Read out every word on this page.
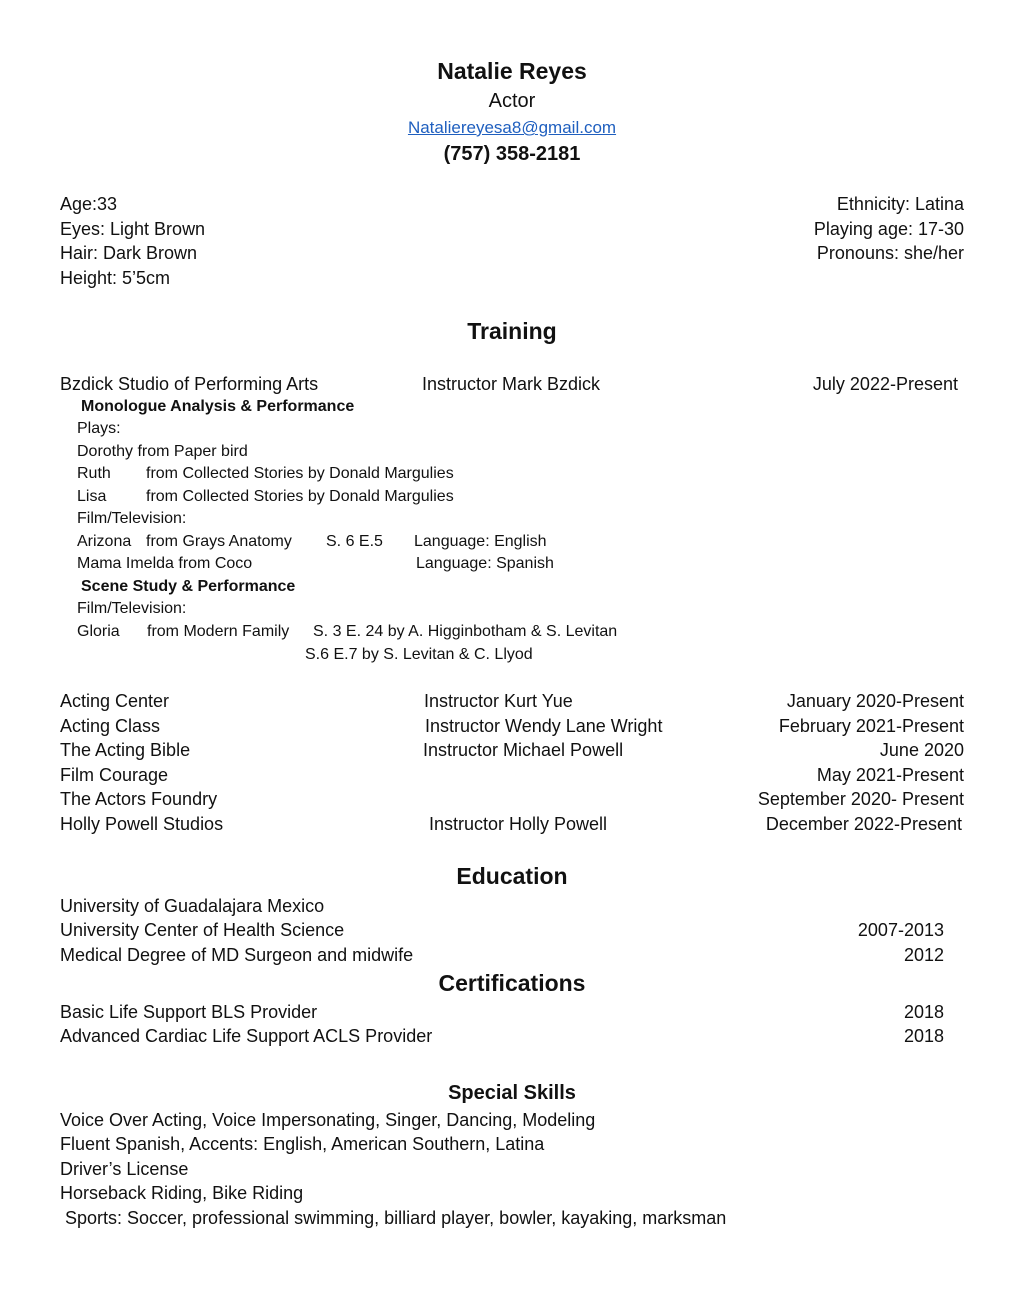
Natalie Reyes
Actor
Nataliereyesa8@gmail.com
(757) 358-2181
Age:33
Eyes: Light Brown
Hair: Dark Brown
Height: 5’5cm
Ethnicity: Latina
Playing age: 17-30
Pronouns: she/her
Training
Bzdick Studio of Performing Arts	Instructor Mark Bzdick	July 2022-Present
Monologue Analysis & Performance
Plays:
Dorothy from Paper bird
Ruth from Collected Stories by Donald Margulies
Lisa from Collected Stories by Donald Margulies
Film/Television:
Arizona from Grays Anatomy S. 6 E.5 Language: English
Mama Imelda from Coco	Language: Spanish
Scene Study & Performance
Film/Television:
Gloria from Modern Family S. 3 E. 24 by A. Higginbotham & S. Levitan
S.6 E.7 by S. Levitan & C. Llyod
Acting Center	Instructor Kurt Yue	January 2020-Present
Acting Class	Instructor Wendy Lane Wright	February 2021-Present
The Acting Bible	Instructor Michael Powell	June 2020
Film Courage	May 2021-Present
The Actors Foundry	September 2020- Present
Holly Powell Studios	Instructor Holly Powell	December 2022-Present
Education
University of Guadalajara Mexico
University Center of Health Science	2007-2013
Medical Degree of MD Surgeon and midwife	2012
Certifications
Basic Life Support BLS Provider	2018
Advanced Cardiac Life Support ACLS Provider	2018
Special Skills
Voice Over Acting, Voice Impersonating, Singer, Dancing, Modeling
Fluent Spanish, Accents: English, American Southern, Latina
Driver’s License
Horseback Riding, Bike Riding
Sports: Soccer, professional swimming, billiard player, bowler, kayaking, marksman
